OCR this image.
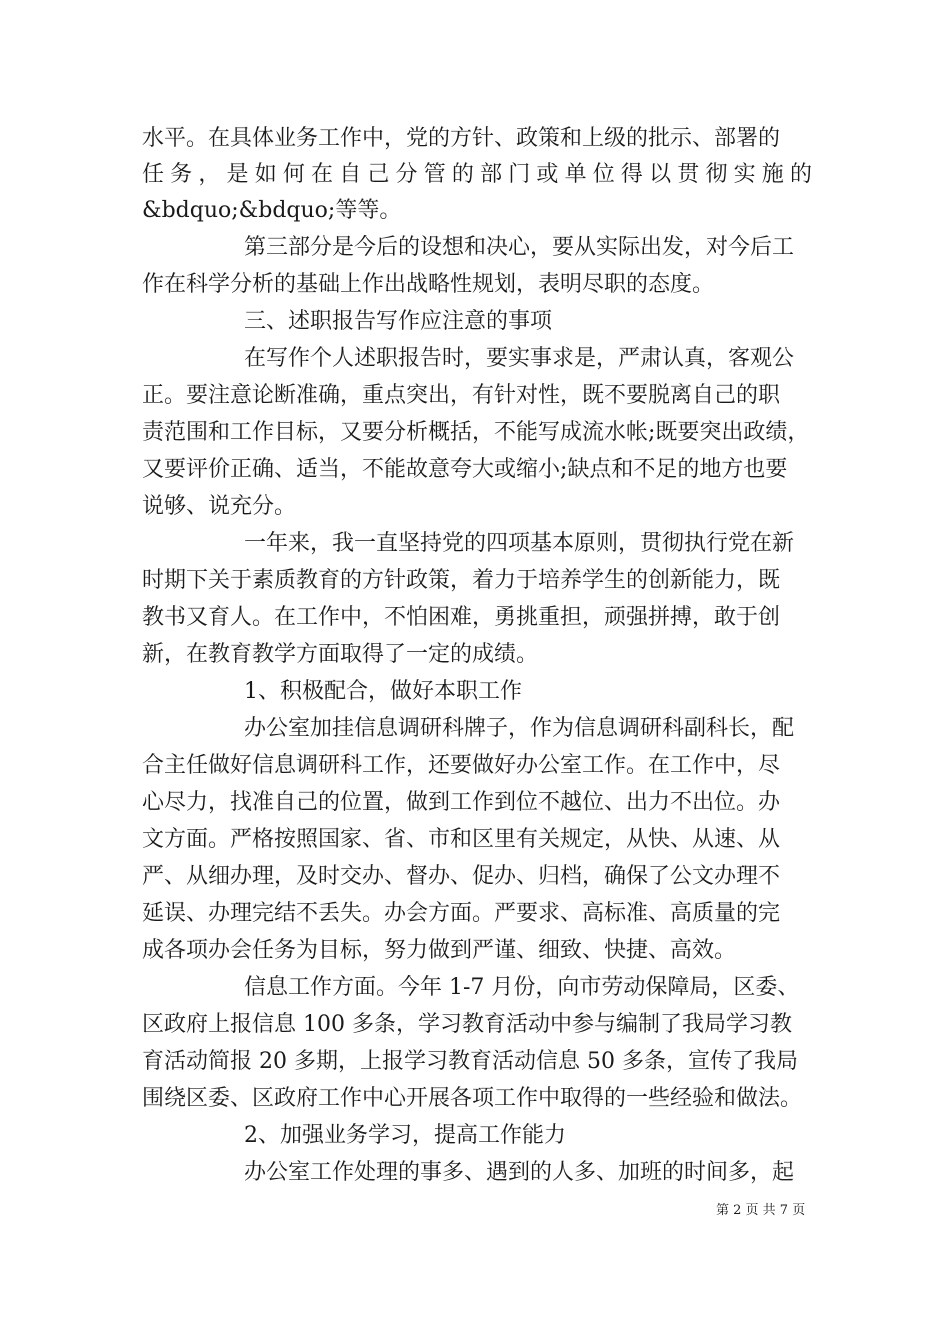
水平。在具体业务工作中，党的方针、政策和上级的批示、部署的
任 务 ， 是 如 何 在 自 己 分 管 的 部 门 或 单 位 得 以 贯 彻 实 施 的
&bdquo;&bdquo;等等。
第三部分是今后的设想和决心，要从实际出发，对今后工
作在科学分析的基础上作出战略性规划，表明尽职的态度。
三、述职报告写作应注意的事项
在写作个人述职报告时，要实事求是，严肃认真，客观公
正。要注意论断准确，重点突出，有针对性，既不要脱离自己的职
责范围和工作目标，又要分析概括，不能写成流水帐;既要突出政绩，
又要评价正确、适当，不能故意夸大或缩小;缺点和不足的地方也要
说够、说充分。
一年来，我一直坚持党的四项基本原则，贯彻执行党在新
时期下关于素质教育的方针政策，着力于培养学生的创新能力，既
教书又育人。在工作中，不怕困难，勇挑重担，顽强拼搏，敢于创
新，在教育教学方面取得了一定的成绩。
1、积极配合，做好本职工作
办公室加挂信息调研科牌子，作为信息调研科副科长，配
合主任做好信息调研科工作，还要做好办公室工作。在工作中，尽
心尽力，找准自己的位置，做到工作到位不越位、出力不出位。办
文方面。严格按照国家、省、市和区里有关规定，从快、从速、从
严、从细办理，及时交办、督办、促办、归档，确保了公文办理不
延误、办理完结不丢失。办会方面。严要求、高标准、高质量的完
成各项办会任务为目标，努力做到严谨、细致、快捷、高效。
信息工作方面。今年 1-7 月份，向市劳动保障局，区委、
区政府上报信息 100 多条，学习教育活动中参与编制了我局学习教
育活动简报 20 多期，上报学习教育活动信息 50 多条，宣传了我局
围绕区委、区政府工作中心开展各项工作中取得的一些经验和做法。
2、加强业务学习，提高工作能力
办公室工作处理的事多、遇到的人多、加班的时间多，起
第 2 页 共 7 页
